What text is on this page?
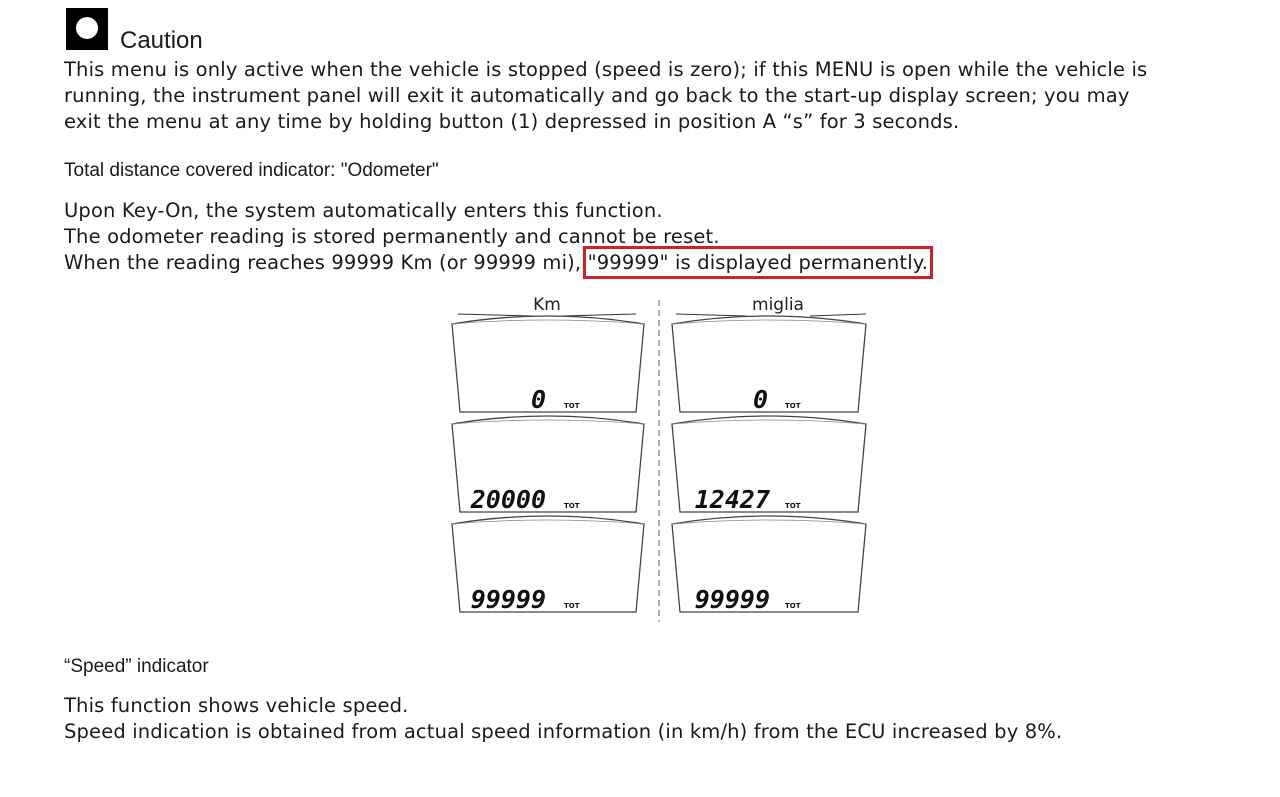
Caution
This menu is only active when the vehicle is stopped (speed is zero); if this MENU is open while the vehicle is
running, the instrument panel will exit it automatically and go back to the start-up display screen; you may
exit the menu at any time by holding button (1) depressed in position A “s” for 3 seconds.
Total distance covered indicator: "Odometer"
Upon Key-On, the system automatically enters this function.
The odometer reading is stored permanently and cannot be reset.
When the reading reaches 99999 Km (or 99999 mi), "99999" is displayed permanently.
Km	miglia
0
20000
99999
TOT
TOT
TOT
0
12427
99999
TOT
TOT
TOT
“Speed” indicator
This function shows vehicle speed.
Speed indication is obtained from actual speed information (in km/h) from the ECU increased by 8%.
